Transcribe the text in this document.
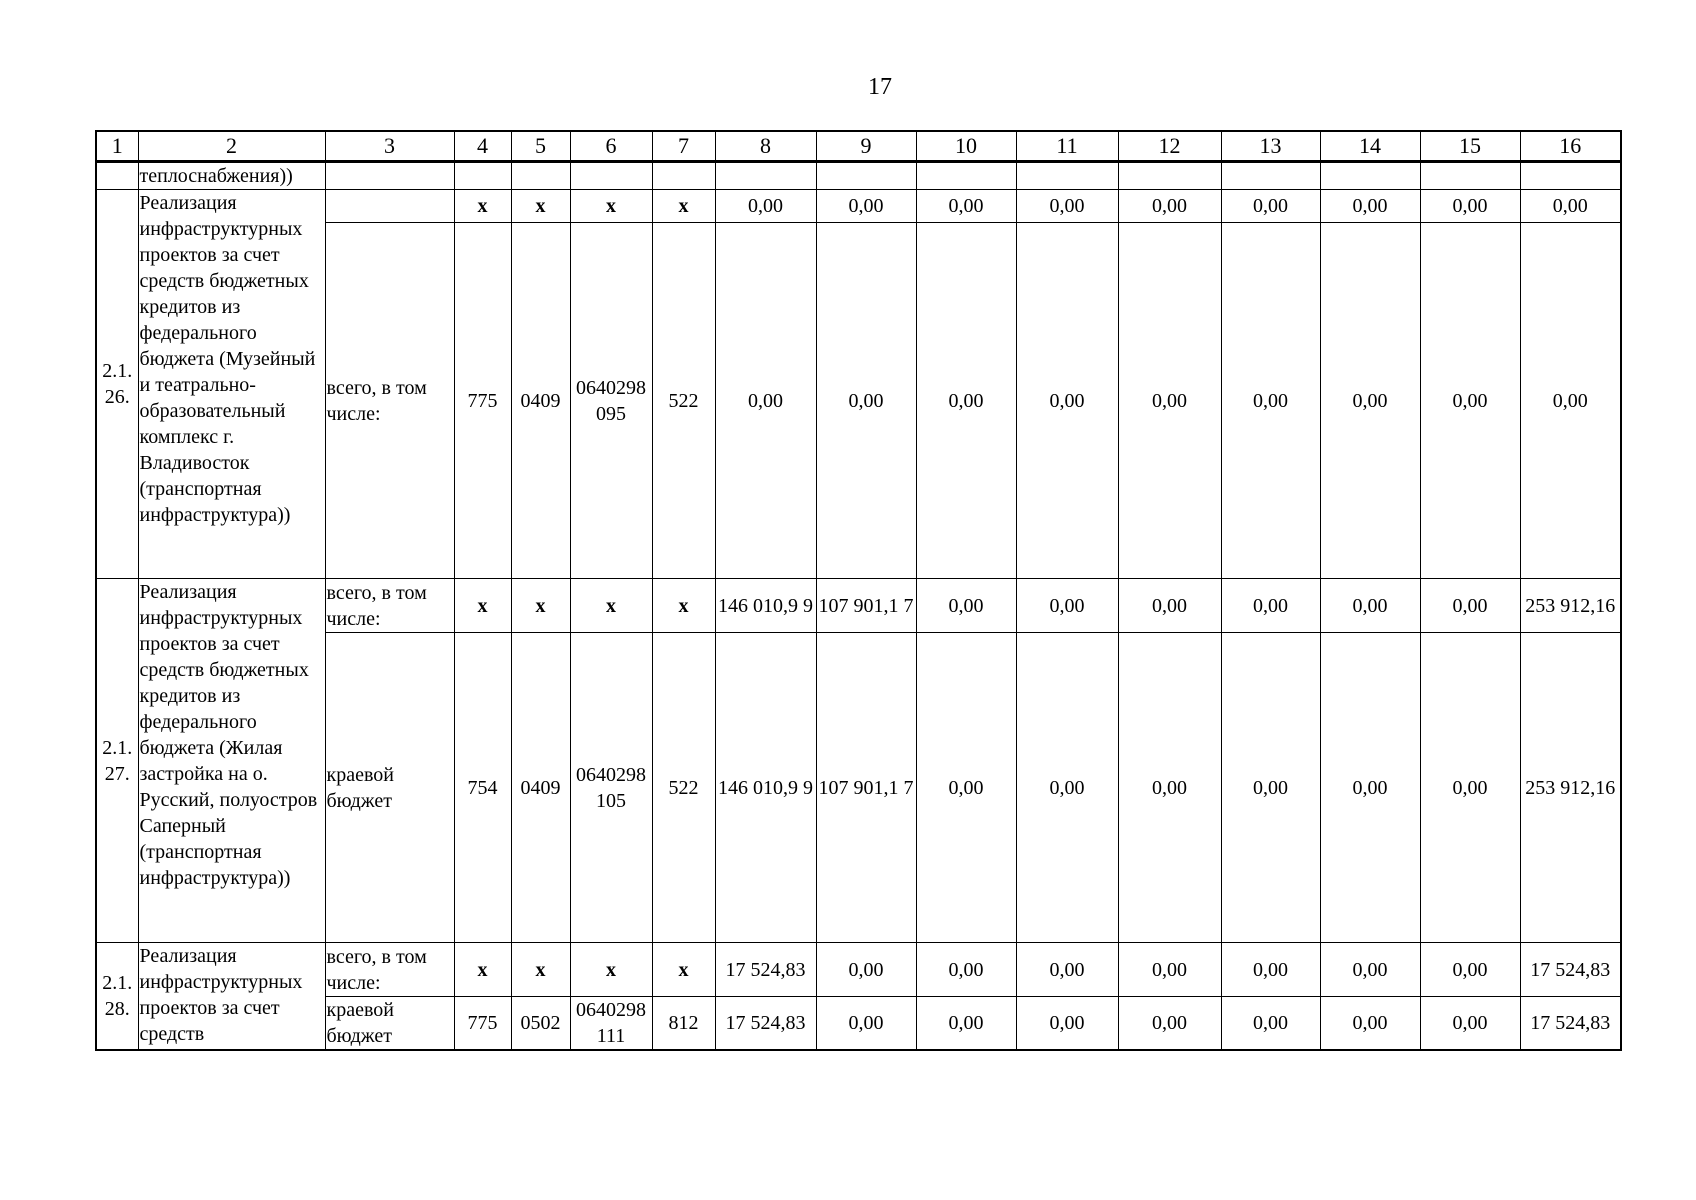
17
1	2	3	4	5	6	7	8	9	10	11	12	13	14	15	16
	теплоснабжения))														
2.1. 26.	Реализация инфраструктурных проектов за счет средств бюджетных кредитов из федерального бюджета (Музейный и театрально-образовательный комплекс г. Владивосток (транспортная инфраструктура))		x	x	x	x	0,00	0,00	0,00	0,00	0,00	0,00	0,00	0,00	0,00
		всего, в том числе:	775	0409	0640298 095	522	0,00	0,00	0,00	0,00	0,00	0,00	0,00	0,00	0,00
2.1. 27.	Реализация инфраструктурных проектов за счет средств бюджетных кредитов из федерального бюджета (Жилая застройка на о. Русский, полуостров Саперный (транспортная инфраструктура))	всего, в том числе:	x	x	x	x	146 010,9 9	107 901,1 7	0,00	0,00	0,00	0,00	0,00	0,00	253 912,16
		краевой бюджет	754	0409	0640298 105	522	146 010,9 9	107 901,1 7	0,00	0,00	0,00	0,00	0,00	0,00	253 912,16
2.1. 28.	Реализация инфраструктурных проектов за счет средств	всего, в том числе:	x	x	x	x	17 524,83	0,00	0,00	0,00	0,00	0,00	0,00	0,00	17 524,83
		краевой бюджет	775	0502	0640298 111	812	17 524,83	0,00	0,00	0,00	0,00	0,00	0,00	0,00	17 524,83
